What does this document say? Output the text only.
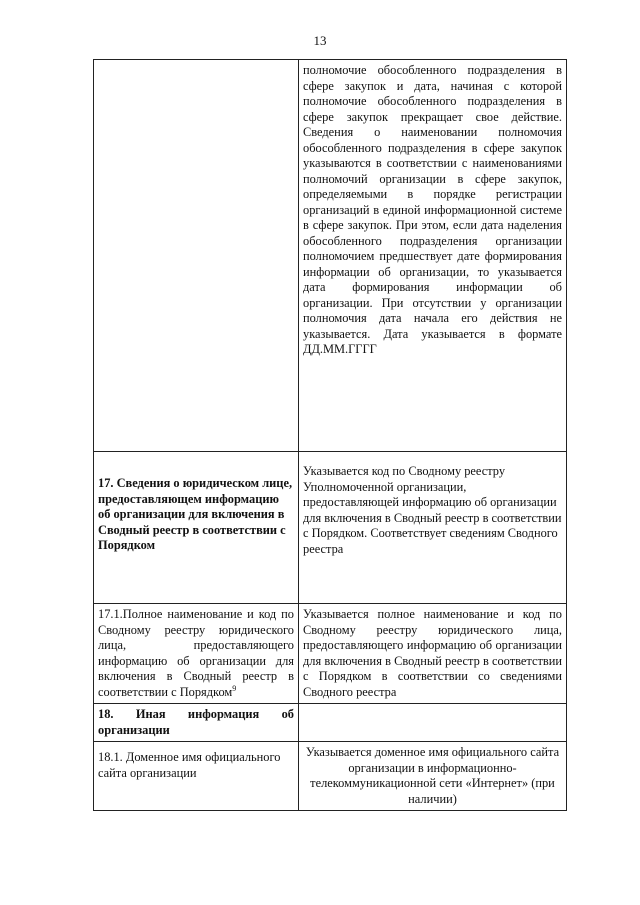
13
	полномочие обособленного подразделения в сфере закупок и дата, начиная с которой полномочие обособленного подразделения в сфере закупок прекращает свое действие. Сведения о наименовании полномочия обособленного подразделения в сфере закупок указываются в соответствии с наименованиями полномочий организации в сфере закупок, определяемыми в порядке регистрации организаций в единой информационной системе в сфере закупок. При этом, если дата наделения обособленного подразделения организации полномочием предшествует дате формирования информации об организации, то указывается дата формирования информации об организации. При отсутствии у организации полномочия дата начала его действия не указывается. Дата указывается в формате ДД.ММ.ГГГГ
17. Сведения о юридическом лице, предоставляющем информацию об организации для включения в Сводный реестр в соответствии с Порядком	Указывается код по Сводному реестру Уполномоченной организации, предоставляющей информацию об организации для включения в Сводный реестр в соответствии с Порядком. Соответствует сведениям Сводного реестра
17.1.Полное наименование и код по Сводному реестру юридического лица, предоставляющего информацию об организации для включения в Сводный реестр в соответствии с Порядком$^9$	Указывается полное наименование и код по Сводному реестру юридического лица, предоставляющего информацию об организации для включения в Сводный реестр в соответствии с Порядком в соответствии со сведениями Сводного реестра
18. Иная информация об организации	
18.1. Доменное имя официального сайта организации	Указывается доменное имя официального сайта организации в информационно-телекоммуникационной сети «Интернет» (при наличии)
